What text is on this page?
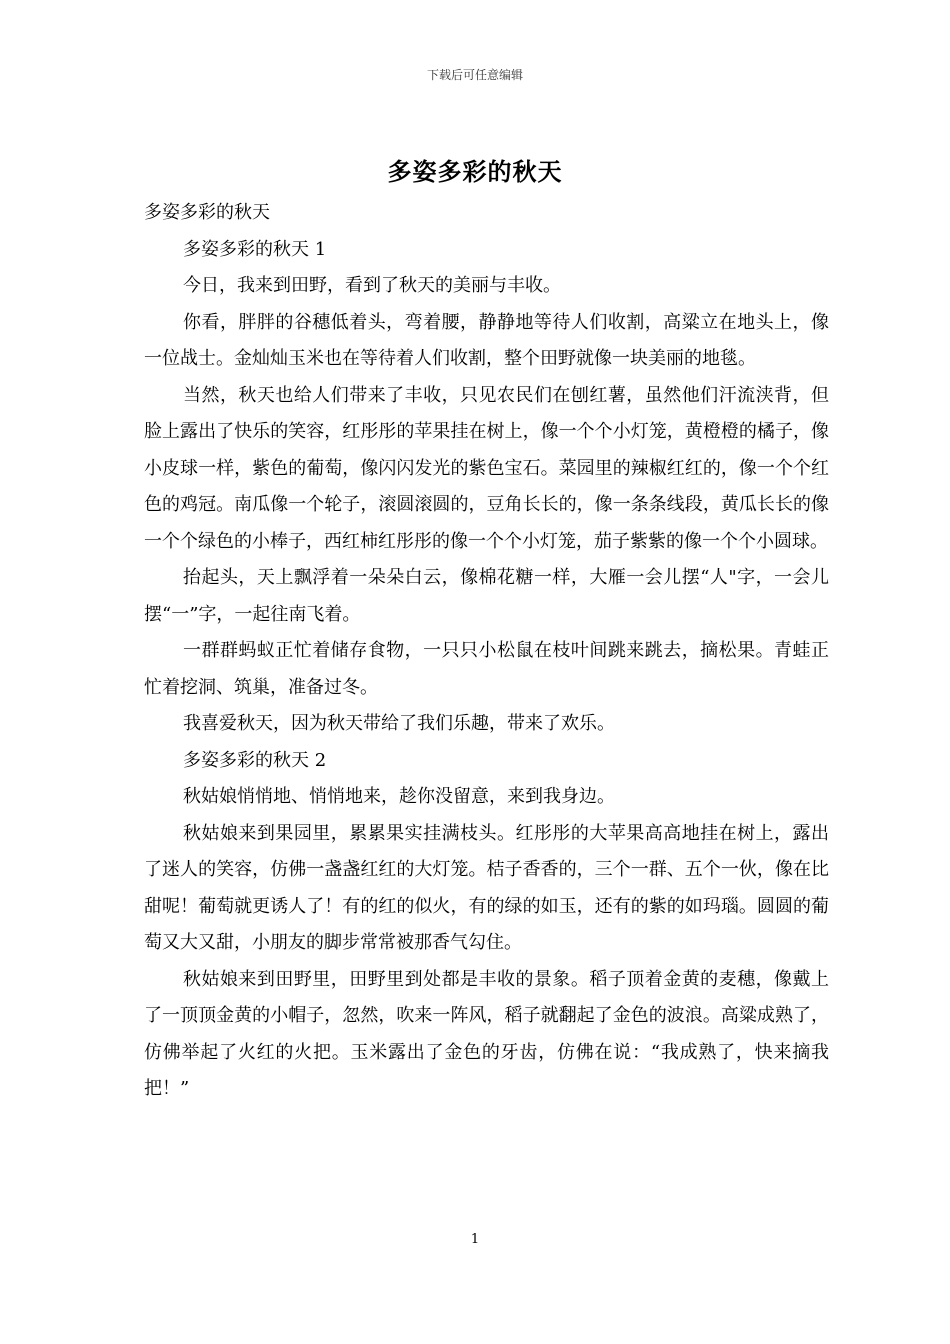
下载后可任意编辑
多姿多彩的秋天

多姿多彩的秋天

多姿多彩的秋天 1

今日，我来到田野，看到了秋天的美丽与丰收。

你看，胖胖的谷穗低着头，弯着腰，静静地等待人们收割，高粱立在地头上，像一位战士。金灿灿玉米也在等待着人们收割，整个田野就像一块美丽的地毯。

当然，秋天也给人们带来了丰收，只见农民们在刨红薯，虽然他们汗流浃背，但脸上露出了快乐的笑容，红彤彤的苹果挂在树上，像一个个小灯笼，黄橙橙的橘子，像小皮球一样，紫色的葡萄，像闪闪发光的紫色宝石。菜园里的辣椒红红的，像一个个红色的鸡冠。南瓜像一个轮子，滚圆滚圆的，豆角长长的，像一条条线段，黄瓜长长的像一个个绿色的小棒子，西红柿红彤彤的像一个个小灯笼，茄子紫紫的像一个个小圆球。

抬起头，天上飘浮着一朵朵白云，像棉花糖一样，大雁一会儿摆“人"字，一会儿摆“一”字，一起往南飞着。

一群群蚂蚁正忙着储存食物，一只只小松鼠在枝叶间跳来跳去，摘松果。青蛙正忙着挖洞、筑巢，准备过冬。

我喜爱秋天，因为秋天带给了我们乐趣，带来了欢乐。

多姿多彩的秋天 2

秋姑娘悄悄地、悄悄地来，趁你没留意，来到我身边。

秋姑娘来到果园里，累累果实挂满枝头。红彤彤的大苹果高高地挂在树上，露出了迷人的笑容，仿佛一盏盏红红的大灯笼。桔子香香的，三个一群、五个一伙，像在比甜呢！葡萄就更诱人了！有的红的似火，有的绿的如玉，还有的紫的如玛瑙。圆圆的葡萄又大又甜，小朋友的脚步常常被那香气勾住。

秋姑娘来到田野里，田野里到处都是丰收的景象。稻子顶着金黄的麦穗，像戴上了一顶顶金黄的小帽子，忽然，吹来一阵风，稻子就翻起了金色的波浪。高粱成熟了，仿佛举起了火红的火把。玉米露出了金色的牙齿，仿佛在说：“我成熟了，快来摘我把！”

1
